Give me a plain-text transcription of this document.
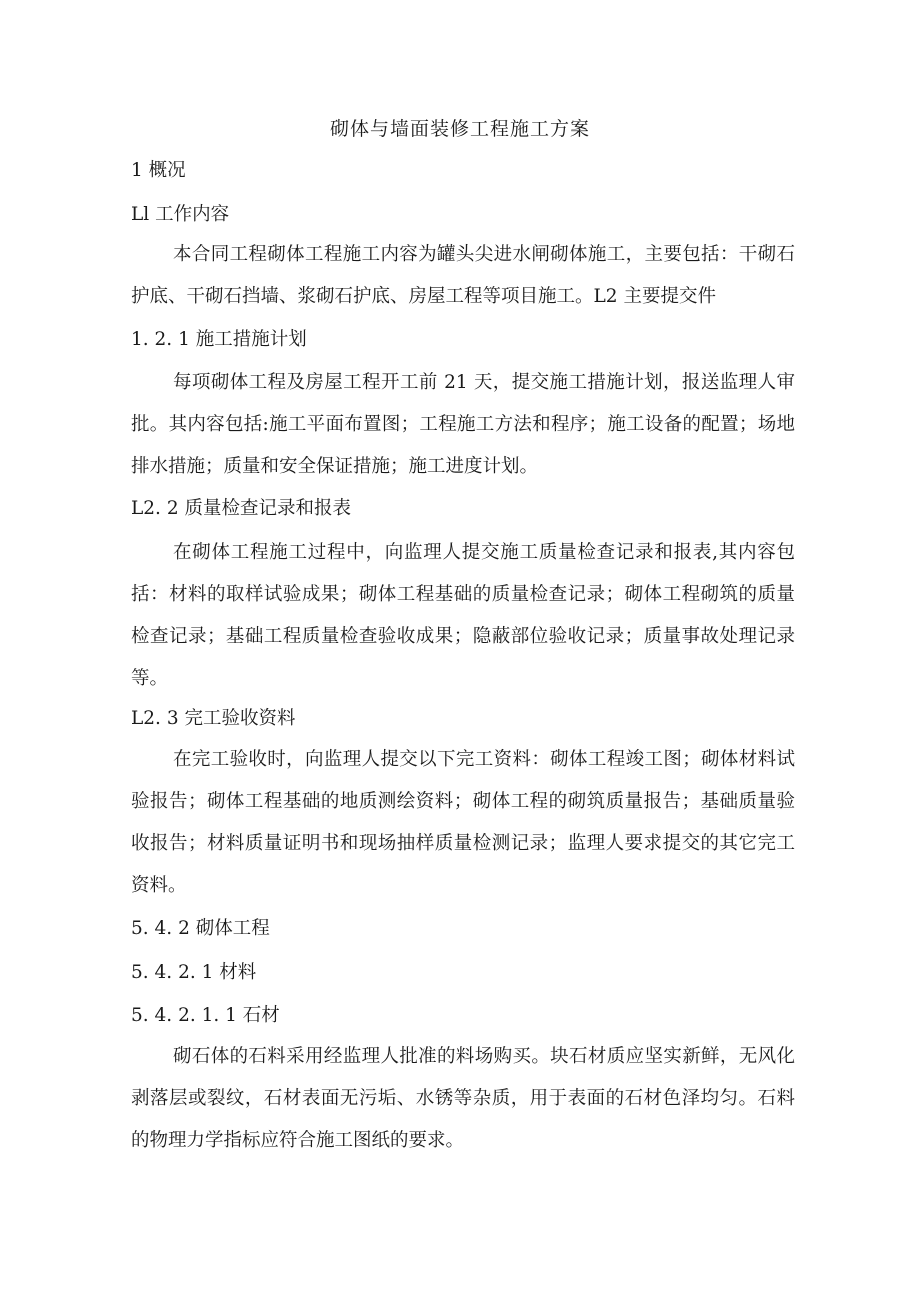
砌体与墙面装修工程施工方案
1 概况
Ll 工作内容
本合同工程砌体工程施工内容为罐头尖进水闸砌体施工，主要包括：干砌石护底、干砌石挡墙、浆砌石护底、房屋工程等项目施工。L2 主要提交件
1. 2. 1 施工措施计划
每项砌体工程及房屋工程开工前 21 天，提交施工措施计划，报送监理人审批。其内容包括:施工平面布置图；工程施工方法和程序；施工设备的配置；场地排水措施；质量和安全保证措施；施工进度计划。
L2. 2 质量检查记录和报表
在砌体工程施工过程中，向监理人提交施工质量检查记录和报表,其内容包括：材料的取样试验成果；砌体工程基础的质量检查记录；砌体工程砌筑的质量检查记录；基础工程质量检查验收成果；隐蔽部位验收记录；质量事故处理记录等。
L2. 3 完工验收资料
在完工验收时，向监理人提交以下完工资料：砌体工程竣工图；砌体材料试验报告；砌体工程基础的地质测绘资料；砌体工程的砌筑质量报告；基础质量验收报告；材料质量证明书和现场抽样质量检测记录；监理人要求提交的其它完工资料。
5. 4. 2 砌体工程
5. 4. 2. 1 材料
5. 4. 2. 1. 1 石材
砌石体的石料采用经监理人批准的料场购买。块石材质应坚实新鲜，无风化剥落层或裂纹，石材表面无污垢、水锈等杂质，用于表面的石材色泽均匀。石料的物理力学指标应符合施工图纸的要求。
